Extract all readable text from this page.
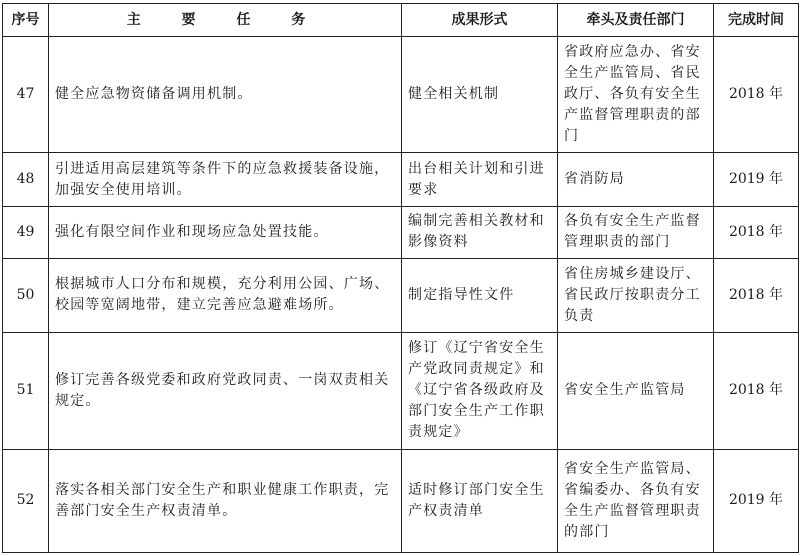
序号	主 要 任 务	成果形式	牵头及责任部门	完成时间
47	健全应急物资储备调用机制。	健全相关机制	省政府应急办、省安全生产监管局、省民政厅、各负有安全生产监督管理职责的部门	2018 年
48	引进适用高层建筑等条件下的应急救援装备设施，加强安全使用培训。	出台相关计划和引进要求	省消防局	2019 年
49	强化有限空间作业和现场应急处置技能。	编制完善相关教材和影像资料	各负有安全生产监督管理职责的部门	2018 年
50	根据城市人口分布和规模，充分利用公园、广场、校园等宽阔地带，建立完善应急避难场所。	制定指导性文件	省住房城乡建设厅、省民政厅按职责分工负责	2018 年
51	修订完善各级党委和政府党政同责、一岗双责相关规定。	修订《辽宁省安全生产党政同责规定》和《辽宁省各级政府及部门安全生产工作职责规定》	省安全生产监管局	2018 年
52	落实各相关部门安全生产和职业健康工作职责，完善部门安全生产权责清单。	适时修订部门安全生产权责清单	省安全生产监管局、省编委办、各负有安全生产监督管理职责的部门	2019 年
